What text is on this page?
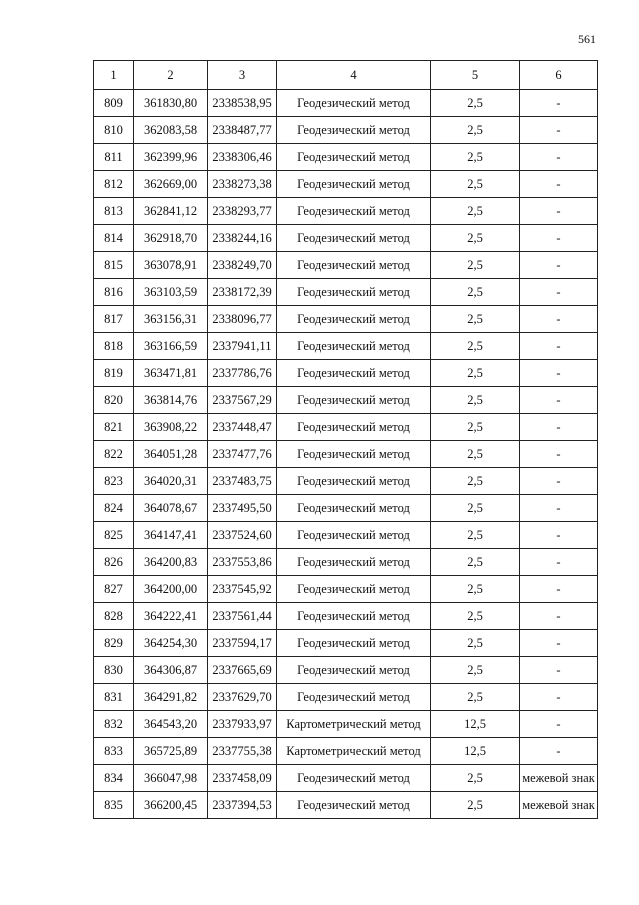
561
1	2	3	4	5	6
809	361830,80	2338538,95	Геодезический метод	2,5	-
810	362083,58	2338487,77	Геодезический метод	2,5	-
811	362399,96	2338306,46	Геодезический метод	2,5	-
812	362669,00	2338273,38	Геодезический метод	2,5	-
813	362841,12	2338293,77	Геодезический метод	2,5	-
814	362918,70	2338244,16	Геодезический метод	2,5	-
815	363078,91	2338249,70	Геодезический метод	2,5	-
816	363103,59	2338172,39	Геодезический метод	2,5	-
817	363156,31	2338096,77	Геодезический метод	2,5	-
818	363166,59	2337941,11	Геодезический метод	2,5	-
819	363471,81	2337786,76	Геодезический метод	2,5	-
820	363814,76	2337567,29	Геодезический метод	2,5	-
821	363908,22	2337448,47	Геодезический метод	2,5	-
822	364051,28	2337477,76	Геодезический метод	2,5	-
823	364020,31	2337483,75	Геодезический метод	2,5	-
824	364078,67	2337495,50	Геодезический метод	2,5	-
825	364147,41	2337524,60	Геодезический метод	2,5	-
826	364200,83	2337553,86	Геодезический метод	2,5	-
827	364200,00	2337545,92	Геодезический метод	2,5	-
828	364222,41	2337561,44	Геодезический метод	2,5	-
829	364254,30	2337594,17	Геодезический метод	2,5	-
830	364306,87	2337665,69	Геодезический метод	2,5	-
831	364291,82	2337629,70	Геодезический метод	2,5	-
832	364543,20	2337933,97	Картометрический метод	12,5	-
833	365725,89	2337755,38	Картометрический метод	12,5	-
834	366047,98	2337458,09	Геодезический метод	2,5	межевой знак
835	366200,45	2337394,53	Геодезический метод	2,5	межевой знак
